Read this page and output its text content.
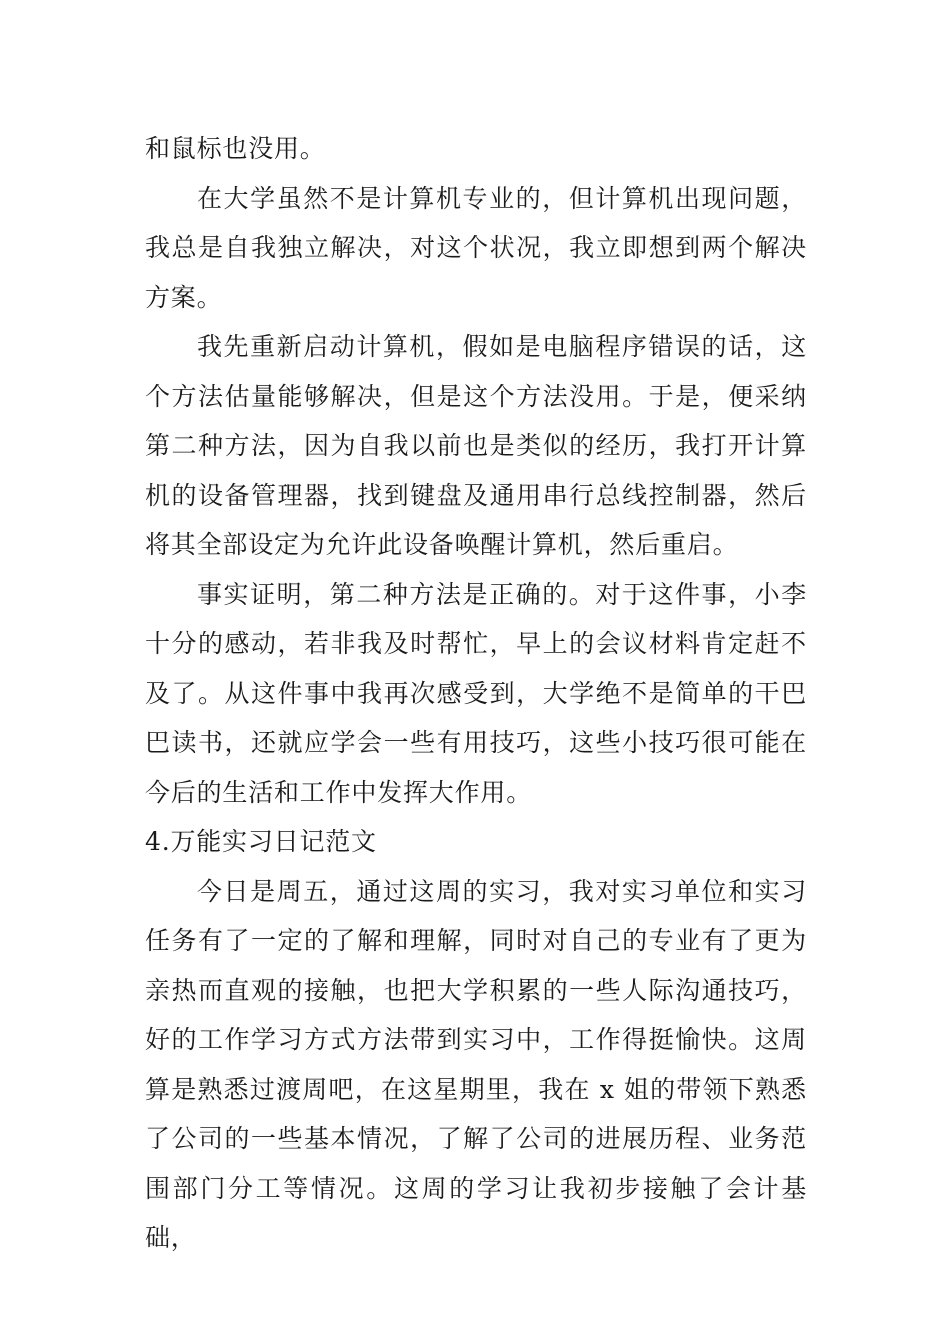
和鼠标也没用。

在大学虽然不是计算机专业的，但计算机出现问题，我总是自我独立解决，对这个状况，我立即想到两个解决方案。

我先重新启动计算机，假如是电脑程序错误的话，这个方法估量能够解决，但是这个方法没用。于是，便采纳第二种方法，因为自我以前也是类似的经历，我打开计算机的设备管理器，找到键盘及通用串行总线控制器，然后将其全部设定为允许此设备唤醒计算机，然后重启。

事实证明，第二种方法是正确的。对于这件事，小李十分的感动，若非我及时帮忙，早上的会议材料肯定赶不及了。从这件事中我再次感受到，大学绝不是简单的干巴巴读书，还就应学会一些有用技巧，这些小技巧很可能在今后的生活和工作中发挥大作用。

4.万能实习日记范文

今日是周五，通过这周的实习，我对实习单位和实习任务有了一定的了解和理解，同时对自己的专业有了更为亲热而直观的接触，也把大学积累的一些人际沟通技巧，好的工作学习方式方法带到实习中，工作得挺愉快。这周算是熟悉过渡周吧，在这星期里，我在 x 姐的带领下熟悉了公司的一些基本情况，了解了公司的进展历程、业务范围部门分工等情况。这周的学习让我初步接触了会计基础，
